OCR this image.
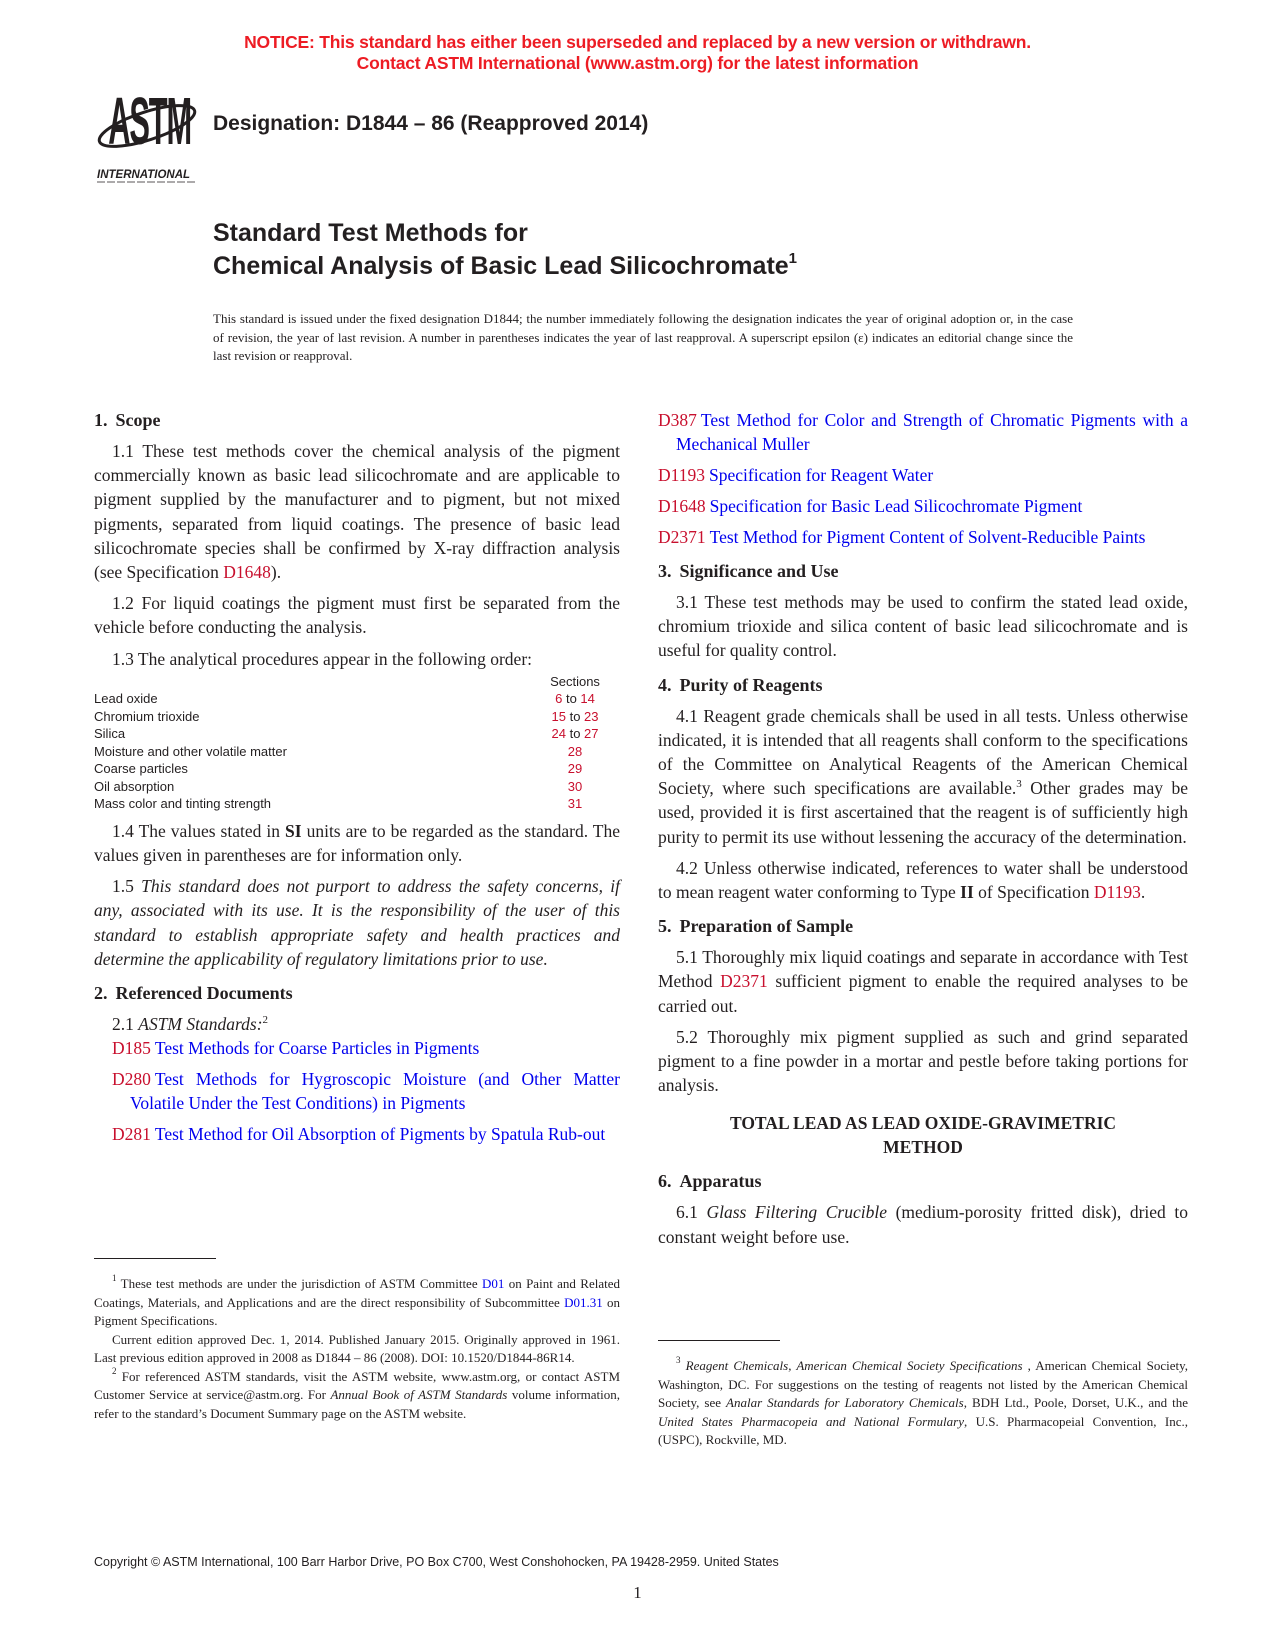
NOTICE: This standard has either been superseded and replaced by a new version or withdrawn.
Contact ASTM International (www.astm.org) for the latest information
ASTM
INTERNATIONAL
Designation: D1844 – 86 (Reapproved 2014)
Standard Test Methods for
Chemical Analysis of Basic Lead Silicochromate$^1$
This standard is issued under the fixed designation D1844; the number immediately following the designation indicates the year of original adoption or, in the case of revision, the year of last revision. A number in parentheses indicates the year of last reapproval. A superscript epsilon (ε) indicates an editorial change since the last revision or reapproval.
1. Scope

1.1 These test methods cover the chemical analysis of the pigment commercially known as basic lead silicochromate and are applicable to pigment supplied by the manufacturer and to pigment, but not mixed pigments, separated from liquid coatings. The presence of basic lead silicochromate species shall be confirmed by X-ray diffraction analysis (see Specification D1648).

1.2 For liquid coatings the pigment must first be separated from the vehicle before conducting the analysis.

1.3 The analytical procedures appear in the following order:

	Sections
Lead oxide	6 to 14
Chromium trioxide	15 to 23
Silica	24 to 27
Moisture and other volatile matter	28
Coarse particles	29
Oil absorption	30
Mass color and tinting strength	31

1.4 The values stated in SI units are to be regarded as the standard. The values given in parentheses are for information only.

1.5 This standard does not purport to address the safety concerns, if any, associated with its use. It is the responsibility of the user of this standard to establish appropriate safety and health practices and determine the applicability of regulatory limitations prior to use.

2. Referenced Documents

2.1 ASTM Standards:$^2$

D185 Test Methods for Coarse Particles in Pigments

D280 Test Methods for Hygroscopic Moisture (and Other Matter Volatile Under the Test Conditions) in Pigments

D281 Test Method for Oil Absorption of Pigments by Spatula Rub-out

$^1$ These test methods are under the jurisdiction of ASTM Committee D01 on Paint and Related Coatings, Materials, and Applications and are the direct responsibility of Subcommittee D01.31 on Pigment Specifications.

Current edition approved Dec. 1, 2014. Published January 2015. Originally approved in 1961. Last previous edition approved in 2008 as D1844 – 86 (2008). DOI: 10.1520/D1844-86R14.

$^2$ For referenced ASTM standards, visit the ASTM website, www.astm.org, or contact ASTM Customer Service at service@astm.org. For Annual Book of ASTM Standards volume information, refer to the standard’s Document Summary page on the ASTM website.

D387 Test Method for Color and Strength of Chromatic Pigments with a Mechanical Muller

D1193 Specification for Reagent Water

D1648 Specification for Basic Lead Silicochromate Pigment

D2371 Test Method for Pigment Content of Solvent-Reducible Paints

3. Significance and Use

3.1 These test methods may be used to confirm the stated lead oxide, chromium trioxide and silica content of basic lead silicochromate and is useful for quality control.

4. Purity of Reagents

4.1 Reagent grade chemicals shall be used in all tests. Unless otherwise indicated, it is intended that all reagents shall conform to the specifications of the Committee on Analytical Reagents of the American Chemical Society, where such specifications are available.$^3$ Other grades may be used, provided it is first ascertained that the reagent is of sufficiently high purity to permit its use without lessening the accuracy of the determination.

4.2 Unless otherwise indicated, references to water shall be understood to mean reagent water conforming to Type II of Specification D1193.

5. Preparation of Sample

5.1 Thoroughly mix liquid coatings and separate in accordance with Test Method D2371 sufficient pigment to enable the required analyses to be carried out.

5.2 Thoroughly mix pigment supplied as such and grind separated pigment to a fine powder in a mortar and pestle before taking portions for analysis.

TOTAL LEAD AS LEAD OXIDE-GRAVIMETRIC METHOD
6. Apparatus

6.1 Glass Filtering Crucible (medium-porosity fritted disk), dried to constant weight before use.

$^3$ Reagent Chemicals, American Chemical Society Specifications , American Chemical Society, Washington, DC. For suggestions on the testing of reagents not listed by the American Chemical Society, see Analar Standards for Laboratory Chemicals, BDH Ltd., Poole, Dorset, U.K., and the United States Pharmacopeia and National Formulary, U.S. Pharmacopeial Convention, Inc., (USPC), Rockville, MD.

Copyright © ASTM International, 100 Barr Harbor Drive, PO Box C700, West Conshohocken, PA 19428-2959. United States
1
